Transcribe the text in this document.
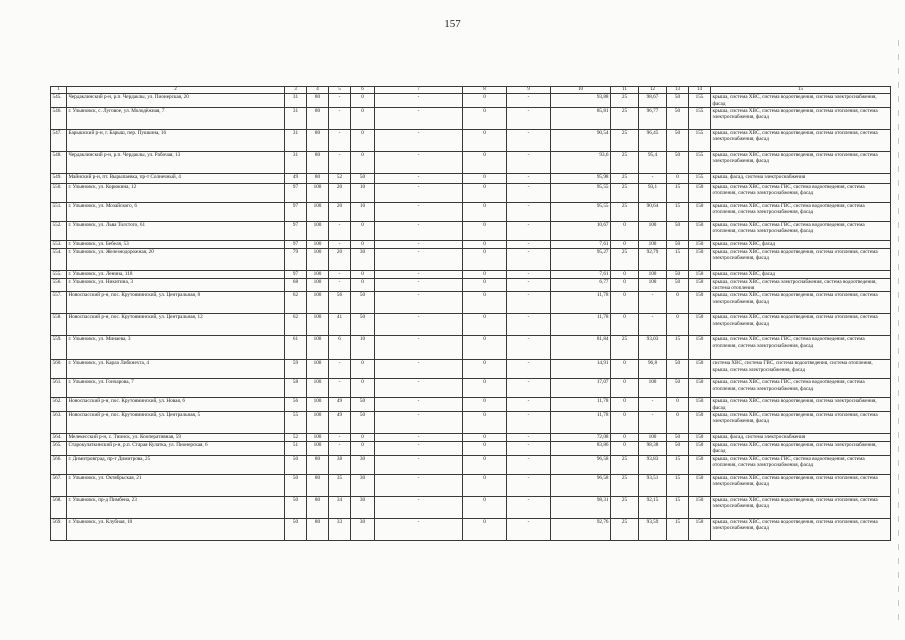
157
1	2	3	4	5	6	7	8	9	10	11	12	13	14	15
545.	Чердаклинский р-н, р.п. Чердаклы, ул. Пионерская, 20	31	80	-	0	-	0	-	93,88	25	98,67	50	155	крыша, система ХВС, система водоотведения, система электроснабжения, фасад
546.	г. Ульяновск, с. Луговое, ул. Молодёжная, 7	31	80	-	0	-	0	-	85,81	25	96,77	50	155	крыша, система ХВС, система водоотведения, система отопления, система электроснабжения, фасад
547.	Барышский р-н, г. Барыш, пер. Пушкина, 16	31	80	-	0	-	0	-	90,54	25	96,45	50	155	крыша, система ХВС, система водоотведения, система отопления, система электроснабжения, фасад
548.	Чердаклинский р-н, р.п. Чердаклы, ул. Рабочая, 13	31	80	-	0	-	0	-	93,6	25	95,4	50	155	крыша, система ХВС, система водоотведения, система отопления, система электроснабжения, фасад
549.	Майнский р-н, пт. Вырыпаевка, пр-т Солнечный, 4	49	80	52	50	-	0	-	95,98	25	-	0	155	крыша, фасад, система электроснабжения
550.	г. Ульяновск, ул. Корюкина, 12	97	100	20	10	-	0	-	95,55	25	93,1	15	150	крыша, система ХВС, система ГВС, система водоотведения, система отопления, система электроснабжения, фасад
551.	г. Ульяновск, ул. Мозайского, 6	97	100	20	10	-	0	-	95,55	25	90,64	15	150	крыша, система ХВС, система ГВС, система водоотведения, система отопления, система электроснабжения, фасад
552.	г. Ульяновск, ул. Льва Толстого, 61	97	100	-	0	-	0	-	10,67	0	100	50	150	крыша, система ХВС, система ГВС, система водоотведения, система отопления, система электроснабжения, фасад
553.	г. Ульяновск, ул. Бебеля, 53	97	100	-	0	-	0	-	7,61	0	100	50	150	крыша, система ХВС, фасад
554.	г. Ульяновск, ул. Железнодорожная, 20	79	100	20	30	-	0	-	95,27	25	92,79	15	150	крыша, система ХВС, система водоотведения, система отопления, система электроснабжения, фасад
555.	г. Ульяновск, ул. Ленина, 118	97	100	-	0	-	0	-	7,61	0	100	50	150	крыша, система ХВС, фасад
556.	г. Ульяновск, ул. Никитина, 3	68	100	-	0	-	0	-	6,77	0	100	50	150	крыша, система ХВС, система электроснабжения, система водоотведения, система отопления
557.	Новоспасский р-н, пос. Крутояминский, ул. Центральная, 8	62	100	56	50	-	0	-	11,78	0	-	0	150	крыша, система ХВС, система водоотведения, система отопления, система электроснабжения, фасад
558.	Новоспасский р-н, пос. Крутояминский, ул. Центральная, 12	62	100	41	50	-	0	-	11,78	0	-	0	150	крыша, система ХВС, система водоотведения, система отопления, система электроснабжения, фасад
559.	г. Ульяновск, ул. Минаева, 3	61	100	6	10	-	0	-	81,84	25	93,03	15	150	крыша, система ХВС, система ГВС, система водоотведения, система отопления, система электроснабжения, фасад
560.	г. Ульяновск, ул. Карла Либкнехта, 4	59	100	-	0	-	0	-	14,91	0	96,8	50	150	система ХВС, система ГВС, система водоотведения, система отопления, крыша, система электроснабжения, фасад
561.	г. Ульяновск, ул. Гончарова, 7	58	100	-	0	-	0	-	17,07	0	100	50	150	крыша, система ХВС, система ГВС, система водоотведения, система отопления, система электроснабжения, фасад
562.	Новоспасский р-н, пос. Крутояминский, ул. Новая, 6	56	100	49	50	-	0	-	11,78	0	-	0	150	крыша, система ХВС, система водоотведения, система электроснабжения, фасад
563.	Новоспасский р-н, пос. Крутояминский, ул. Центральная, 5	55	100	49	50	-	0	-	11,78	0	-	0	150	крыша, система ХВС, система водоотведения, система отопления, система электроснабжения, фасад
564.	Мелекесский р-н, с. Тиинск, ул. Кооперативная, 59	52	100	-	0	-	0	-	72,08	0	100	50	150	крыша, фасад, система электроснабжения
565.	Старокулаткинский р-н, р.п. Старая Кулатка, ул. Пионерская, 6	51	100	-	0	-	0	-	83,86	0	98,38	50	150	крыша, система ХВС, система водоотведения, система электроснабжения, фасад
566.	г. Димитровград, пр-т Димитрова, 25	50	80	38	30	-	0	-	96,58	25	93,83	15	150	крыша, система ХВС, система ГВС, система водоотведения, система отопления, система электроснабжения, фасад
567.	г. Ульяновск, ул. Октябрьская, 21	50	80	35	30	-	0	-	96,58	25	93,51	15	150	крыша, система ХВС, система водоотведения, система отопления, система электроснабжения, фасад
568.	г. Ульяновск, пр-д Пимбена, 23	50	80	34	30	-	0	-	98,31	25	92,15	15	150	крыша, система ХВС, система водоотведения, система отопления, система электроснабжения, фасад
569.	г. Ульяновск, ул. Клубная, 10	50	80	33	30	-	0	-	92,76	25	93,59	15	150	крыша, система ХВС, система водоотведения, система отопления, система электроснабжения, фасад
